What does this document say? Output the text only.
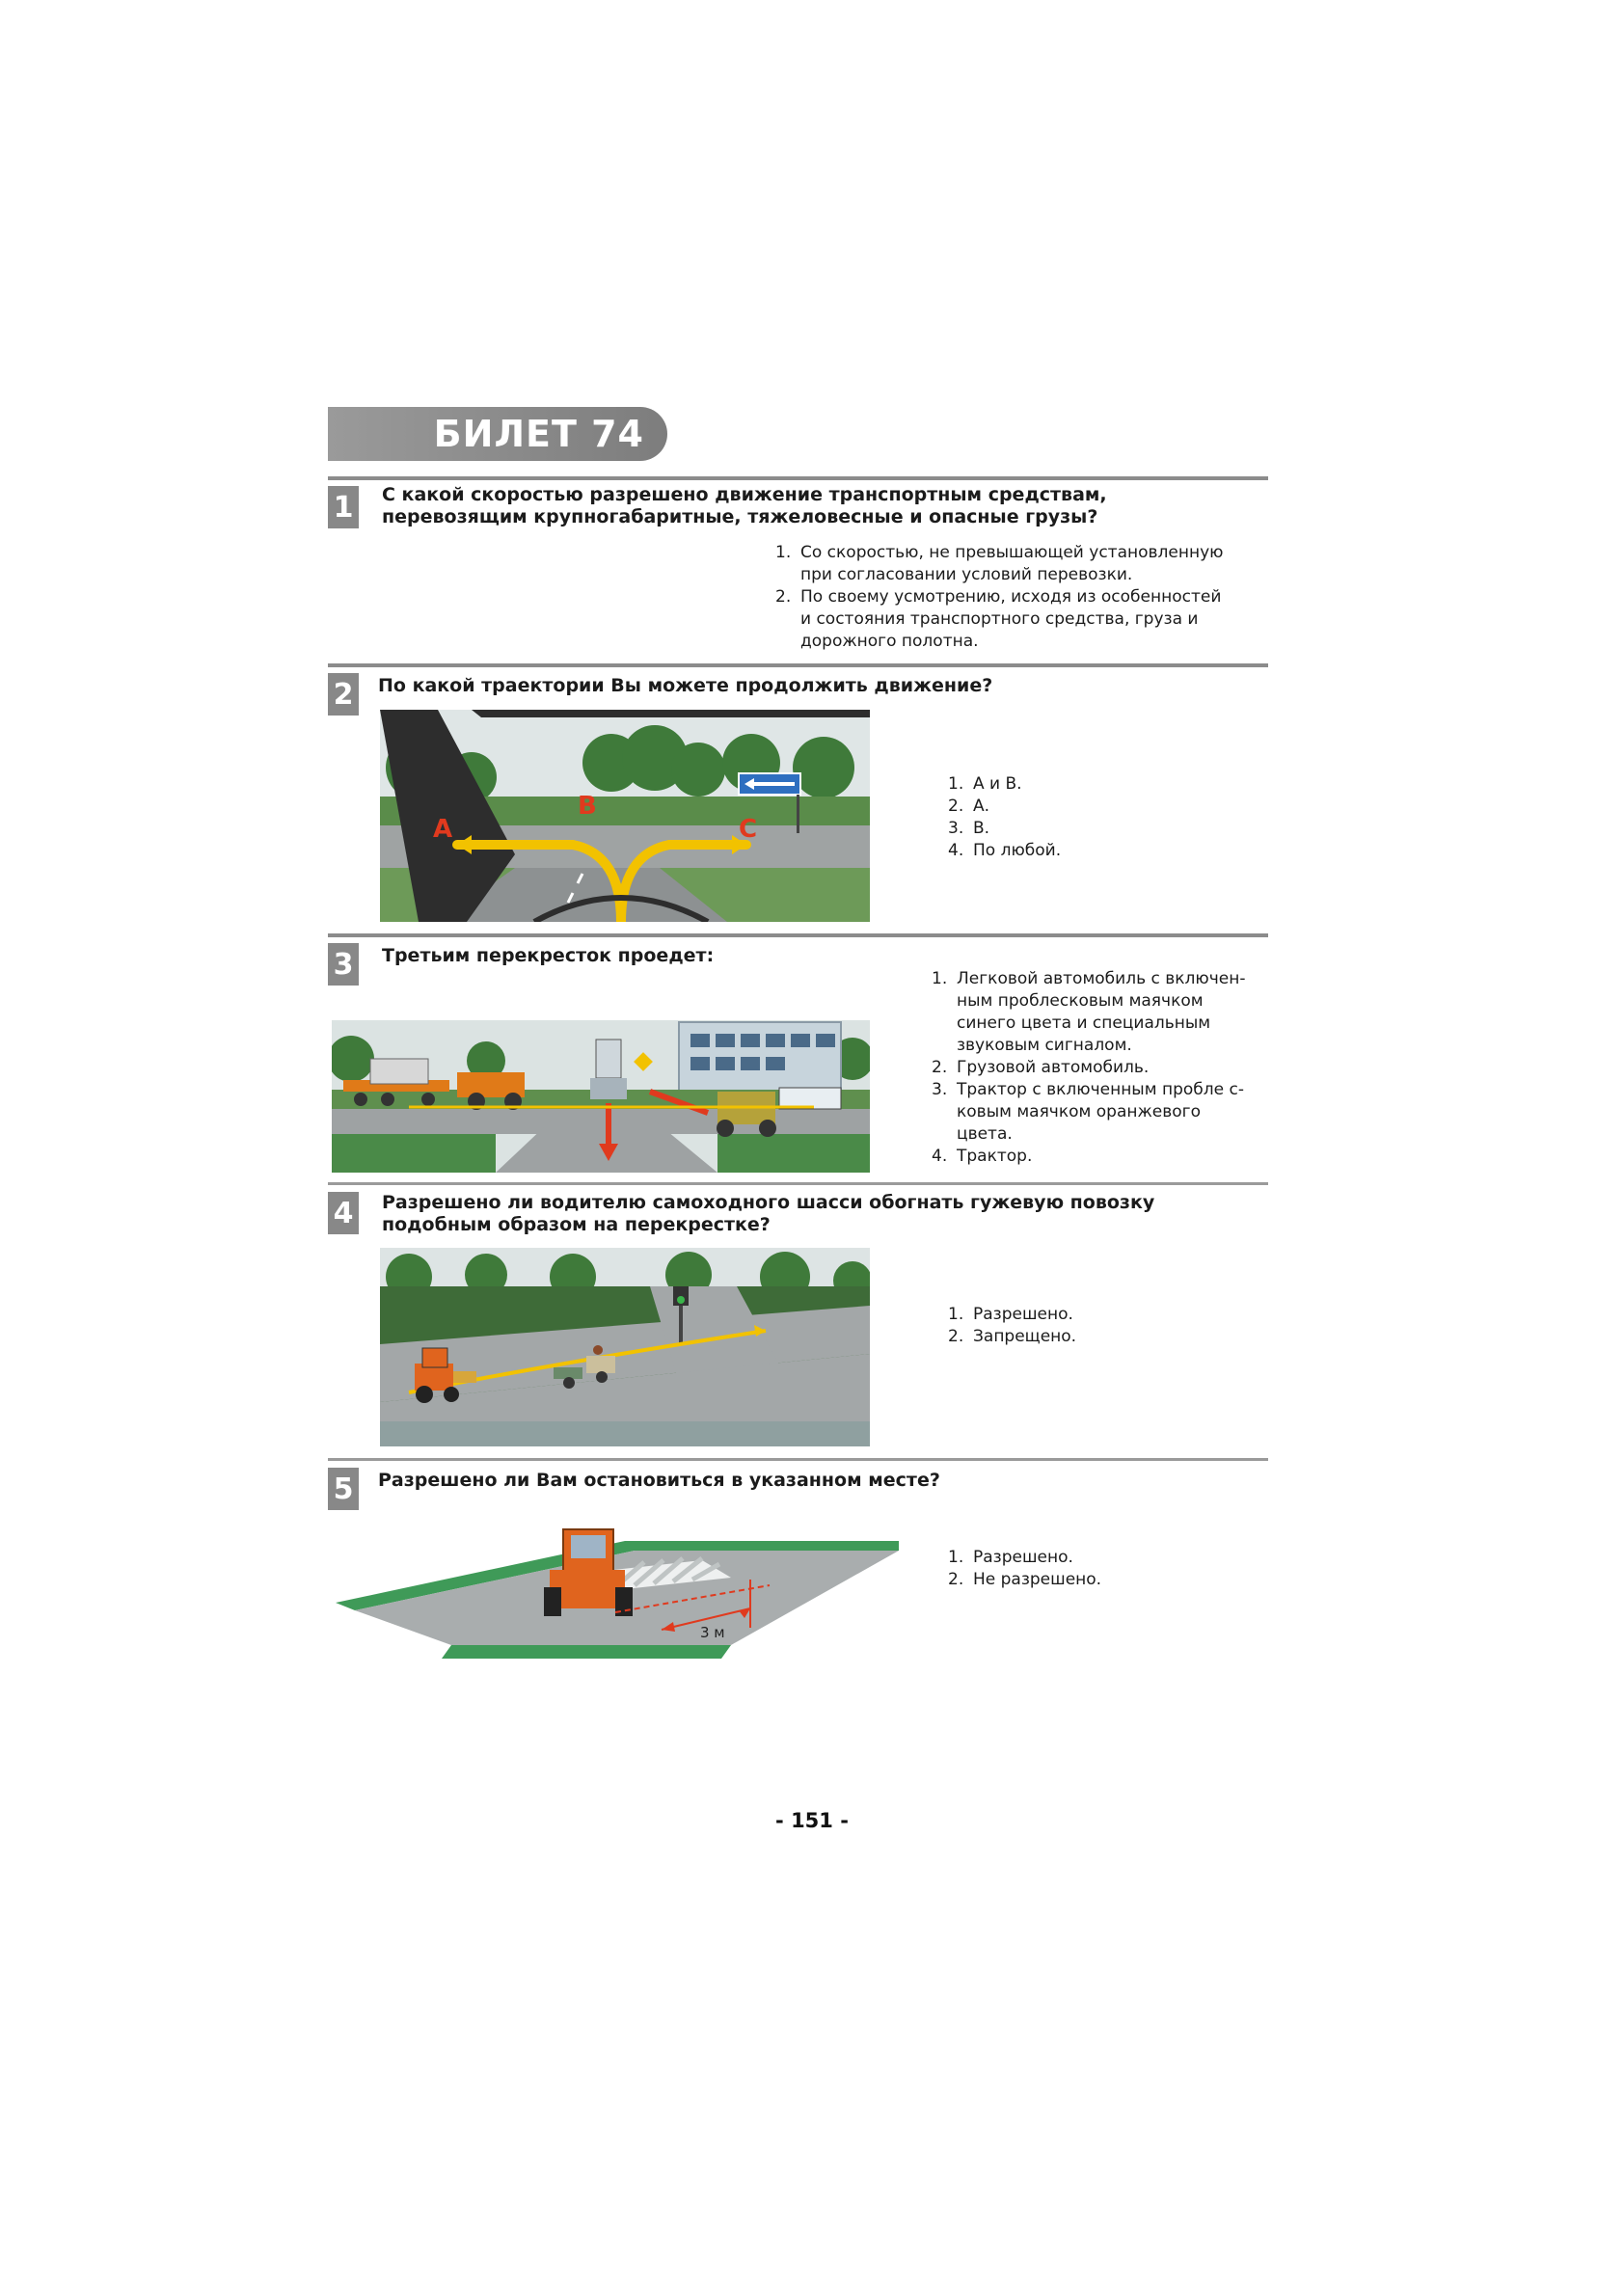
БИЛЕТ 74
1 С какой скоростью разрешено движение транспортным средствам,
перевозящим крупногабаритные, тяжеловесные и опасные грузы?
1. Со скоростью, не превышающей установленную
при согласовании условий перевозки.
2. По своему усмотрению, исходя из особенностей
и состояния транспортного средства, груза и
дорожного полотна.
2 По какой траектории Вы можете продолжить движение?
A
B
C
1. А и В.
2. А.
3. В.
4. По любой.
3 Третьим перекресток проедет:
1. Легковой автомобиль с включен-
ным проблесковым маячком
синего цвета и специальным
звуковым сигналом.
2. Грузовой автомобиль.
3. Трактор с включенным пробле с-
ковым маячком оранжевого
цвета.
4. Трактор.
4 Разрешено ли водителю самоходного шасси обогнать гужевую повозку
подобным образом на перекрестке?
1. Разрешено.
2. Запрещено.
5 Разрешено ли Вам остановиться в указанном месте?
3 м
1. Разрешено.
2. Не разрешено.
- 151 -
